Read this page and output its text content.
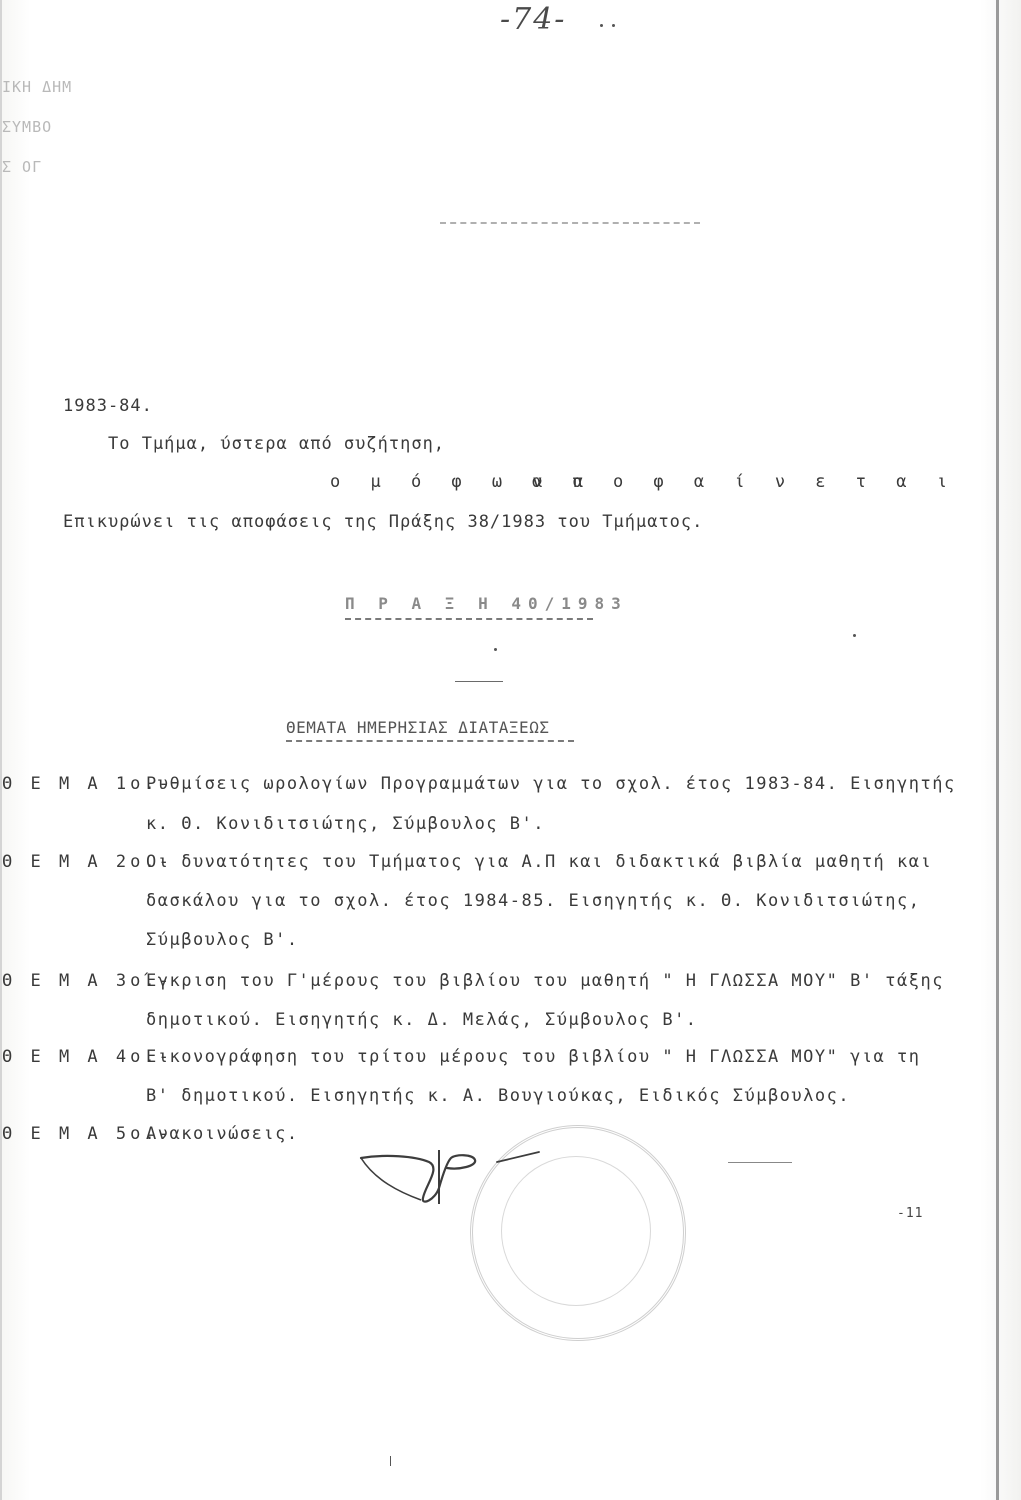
-74-
ΙΚΗ ΔΗΜ
ΣΥΜΒΟ
Σ ΟΓ
1983-84.
Το Τμήμα, ύστερα από συζήτηση,
ο μ ό φ ω ν α
α π ο φ α ί ν ε τ α ι
Επικυρώνει τις αποφάσεις της Πράξης 38/1983 του Τμήματος.
Π Ρ Α Ξ Η 40/1983
ΘΕΜΑΤΑ ΗΜΕΡΗΣΙΑΣ ΔΙΑΤΑΞΕΩΣ
Θ Ε Μ Α 1ο.-
Ρυθμίσεις ωρολογίων Προγραμμάτων για το σχολ. έτος 1983-84. Εισηγητής
κ. Θ. Κονιδιτσιώτης, Σύμβουλος Β'.
Θ Ε Μ Α 2ο.-
Οι δυνατότητες του Τμήματος για Α.Π και διδακτικά βιβλία μαθητή και
δασκάλου για το σχολ. έτος 1984-85. Εισηγητής κ. Θ. Κονιδιτσιώτης,
Σύμβουλος Β'.
Θ Ε Μ Α 3ο.-
Έγκριση του Γ'μέρους του βιβλίου του μαθητή " Η ΓΛΩΣΣΑ ΜΟΥ" Β' τάξης
δημοτικού. Εισηγητής κ. Δ. Μελάς, Σύμβουλος Β'.
Θ Ε Μ Α 4ο.-
Εικονογράφηση του τρίτου μέρους του βιβλίου " Η ΓΛΩΣΣΑ ΜΟΥ" για τη
Β' δημοτικού. Εισηγητής κ. Α. Βουγιούκας, Ειδικός Σύμβουλος.
Θ Ε Μ Α 5ο.-
Ανακοινώσεις.
-11
